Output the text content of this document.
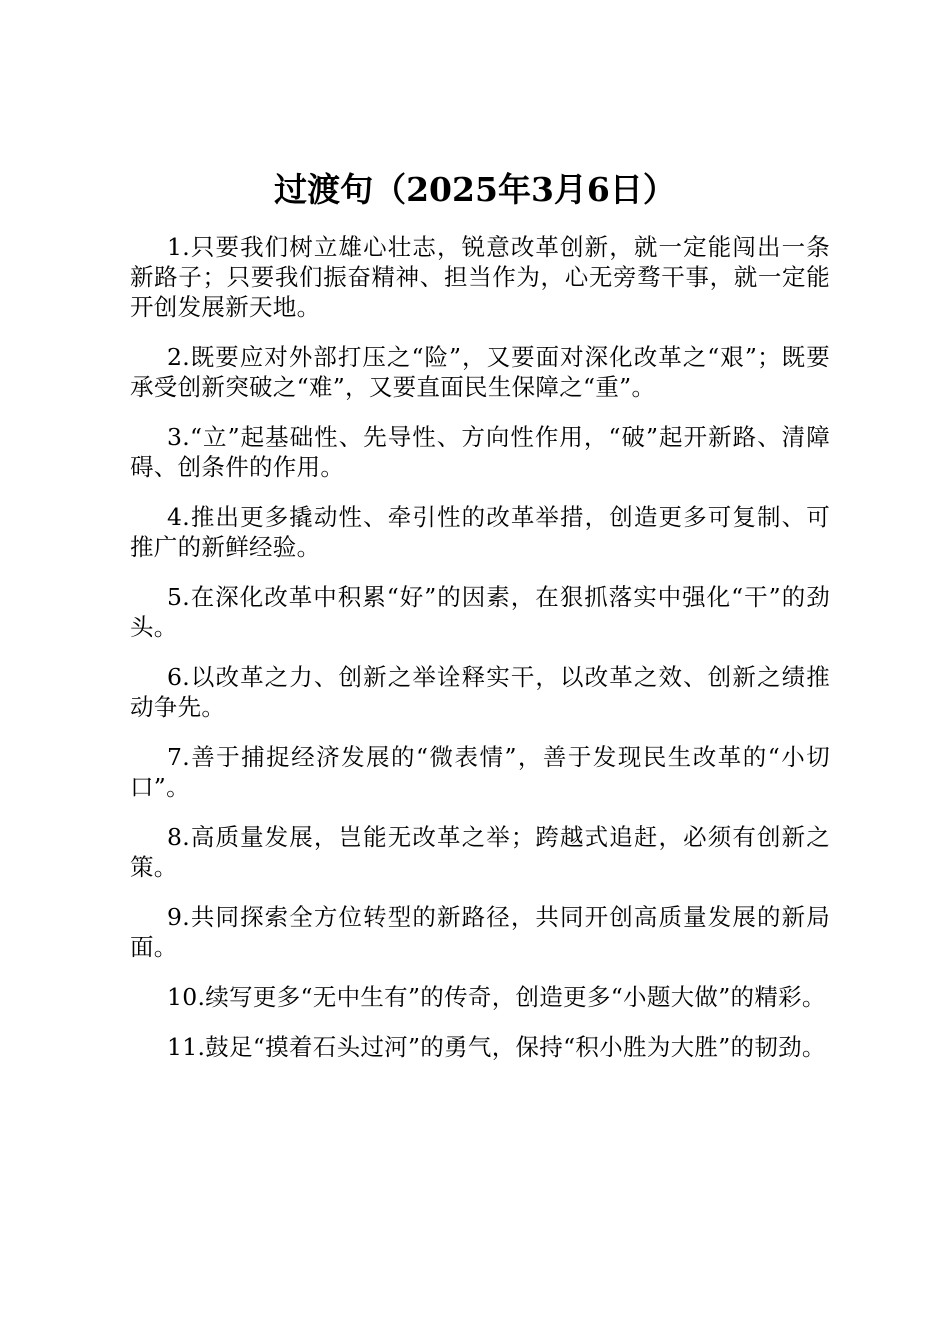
过渡句（2025年3月6日）

1.只要我们树立雄心壮志，锐意改革创新，就一定能闯出一条新路子；只要我们振奋精神、担当作为，心无旁骛干事，就一定能开创发展新天地。

2.既要应对外部打压之“险”，又要面对深化改革之“艰”；既要承受创新突破之“难”，又要直面民生保障之“重”。

3.“立”起基础性、先导性、方向性作用，“破”起开新路、清障碍、创条件的作用。

4.推出更多撬动性、牵引性的改革举措，创造更多可复制、可推广的新鲜经验。

5.在深化改革中积累“好”的因素，在狠抓落实中强化“干”的劲头。

6.以改革之力、创新之举诠释实干，以改革之效、创新之绩推动争先。

7.善于捕捉经济发展的“微表情”，善于发现民生改革的“小切口”。

8.高质量发展，岂能无改革之举；跨越式追赶，必须有创新之策。

9.共同探索全方位转型的新路径，共同开创高质量发展的新局面。

10.续写更多“无中生有”的传奇，创造更多“小题大做”的精彩。

11.鼓足“摸着石头过河”的勇气，保持“积小胜为大胜”的韧劲。
